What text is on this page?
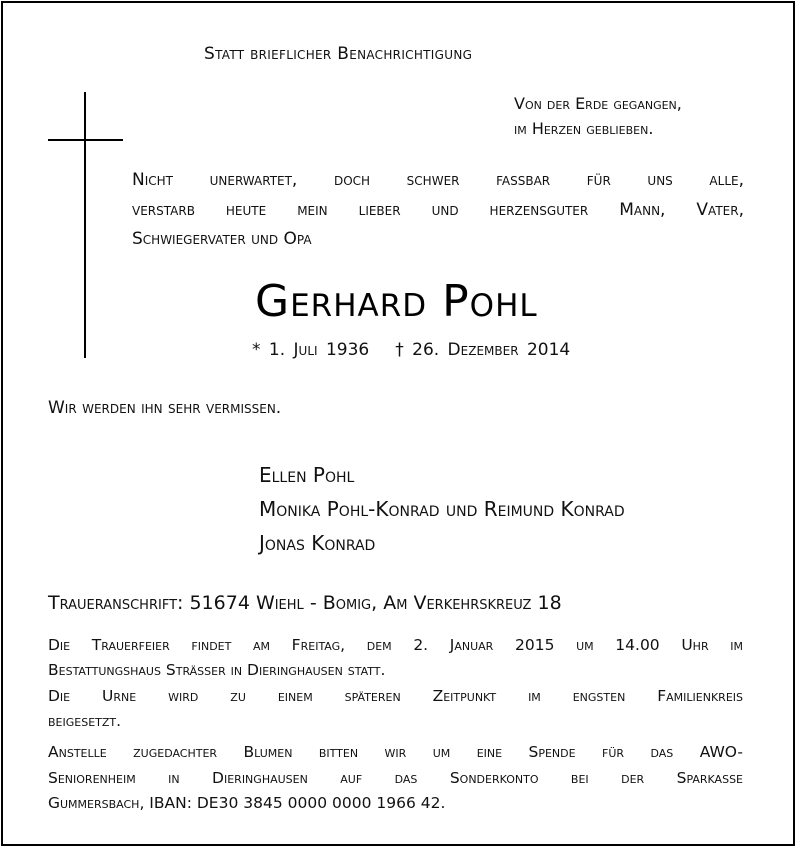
Statt brieflicher Benachrichtigung

Von der Erde gegangen,

im Herzen geblieben.

Nicht unerwartet, doch schwer fassbar für uns alle,

verstarb heute mein lieber und herzensguter Mann, Vater,

Schwiegervater und Opa

Gerhard Pohl

* 1. Juli 1936 † 26. Dezember 2014

Wir werden ihn sehr vermissen.

Ellen Pohl

Monika Pohl-Konrad und Reimund Konrad

Jonas Konrad

Traueranschrift: 51674 Wiehl - Bomig, Am Verkehrskreuz 18

Die Trauerfeier findet am Freitag, dem 2. Januar 2015 um 14.00 Uhr im

Bestattungshaus Strässer in Dieringhausen statt.

Die Urne wird zu einem späteren Zeitpunkt im engsten Familienkreis

beigesetzt.

Anstelle zugedachter Blumen bitten wir um eine Spende für das AWO-

Seniorenheim in Dieringhausen auf das Sonderkonto bei der Sparkasse

Gummersbach, IBAN: DE30 3845 0000 0000 1966 42.
